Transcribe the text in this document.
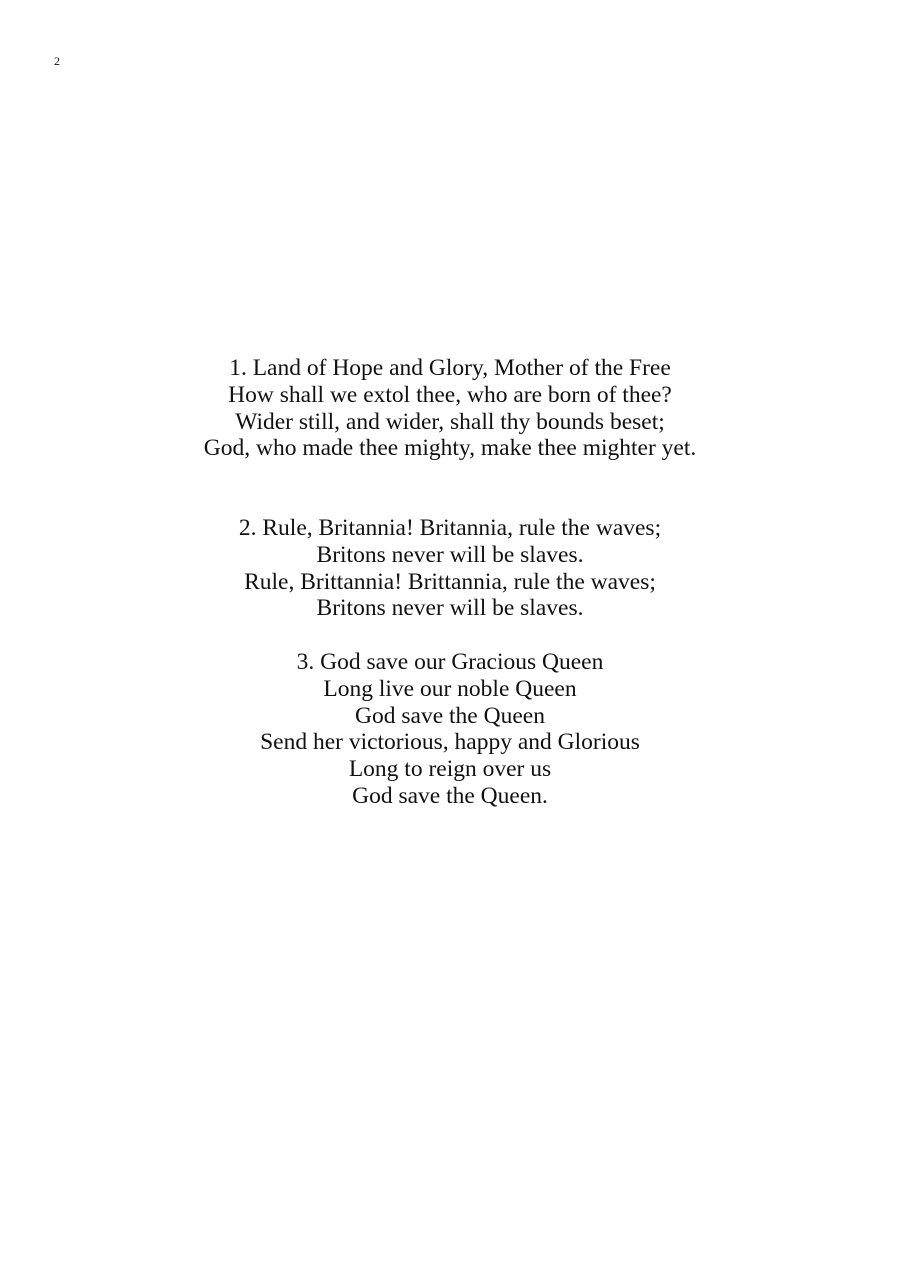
2

1. Land of Hope and Glory, Mother of the Free
How shall we extol thee, who are born of thee?
Wider still, and wider, shall thy bounds beset;
God, who made thee mighty, make thee mighter yet.

2. Rule, Britannia! Britannia, rule the waves;
Britons never will be slaves.
Rule, Brittannia! Brittannia, rule the waves;
Britons never will be slaves.

3. God save our Gracious Queen
Long live our noble Queen
God save the Queen
Send her victorious, happy and Glorious
Long to reign over us
God save the Queen.
